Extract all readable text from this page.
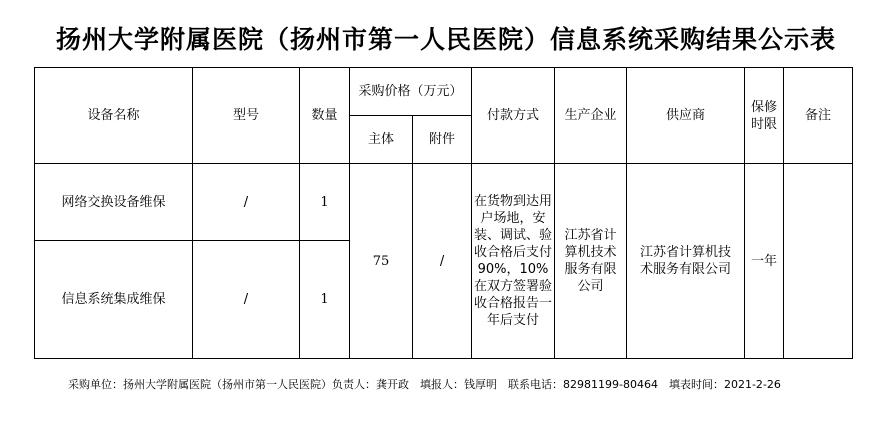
扬州大学附属医院（扬州市第一人民医院）信息系统采购结果公示表
设备名称	型号	数量	采购价格（万元）		付款方式	生产企业	供应商	保修时限	备注
			主体	附件					
网络交换设备维保	/	1	75	/	在货物到达用户场地，安装、调试、验收合格后支付90%，10%在双方签署验收合格报告一年后支付	江苏省计算机技术服务有限公司	江苏省计算机技术服务有限公司	一年	
信息系统集成维保	/	1							
采购单位：扬州大学附属医院（扬州市第一人民医院）负责人：龚开政　填报人：钱厚明　联系电话：82981199-80464　填表时间：2021-2-26
